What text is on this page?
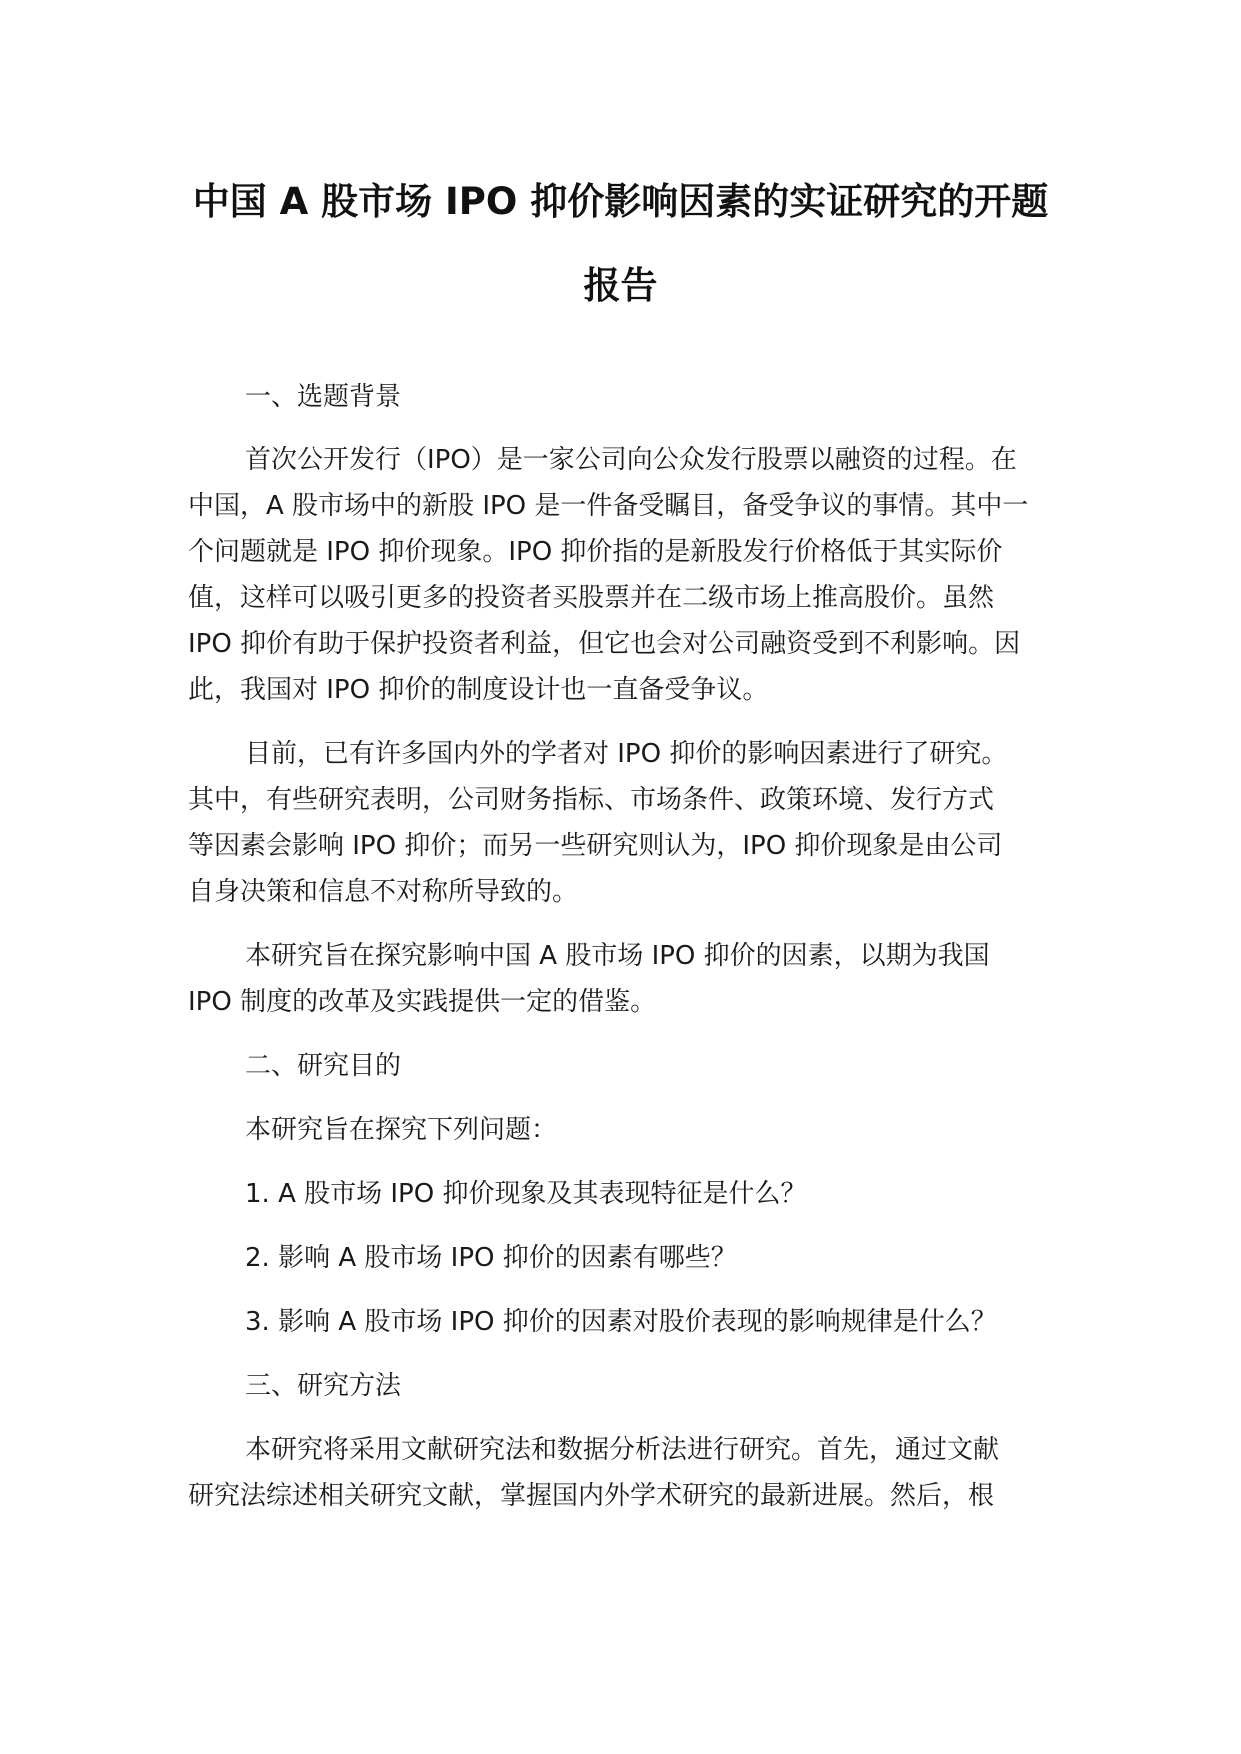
中国 A 股市场 IPO 抑价影响因素的实证研究的开题
报告
一、选题背景
首次公开发行（IPO）是一家公司向公众发行股票以融资的过程。在
中国，A 股市场中的新股 IPO 是一件备受瞩目，备受争议的事情。其中一
个问题就是 IPO 抑价现象。IPO 抑价指的是新股发行价格低于其实际价
值，这样可以吸引更多的投资者买股票并在二级市场上推高股价。虽然
IPO 抑价有助于保护投资者利益，但它也会对公司融资受到不利影响。因
此，我国对 IPO 抑价的制度设计也一直备受争议。
目前，已有许多国内外的学者对 IPO 抑价的影响因素进行了研究。
其中，有些研究表明，公司财务指标、市场条件、政策环境、发行方式
等因素会影响 IPO 抑价；而另一些研究则认为，IPO 抑价现象是由公司
自身决策和信息不对称所导致的。
本研究旨在探究影响中国 A 股市场 IPO 抑价的因素，以期为我国
IPO 制度的改革及实践提供一定的借鉴。
二、研究目的
本研究旨在探究下列问题：
1. A 股市场 IPO 抑价现象及其表现特征是什么？
2. 影响 A 股市场 IPO 抑价的因素有哪些？
3. 影响 A 股市场 IPO 抑价的因素对股价表现的影响规律是什么？
三、研究方法
本研究将采用文献研究法和数据分析法进行研究。首先，通过文献
研究法综述相关研究文献，掌握国内外学术研究的最新进展。然后，根
